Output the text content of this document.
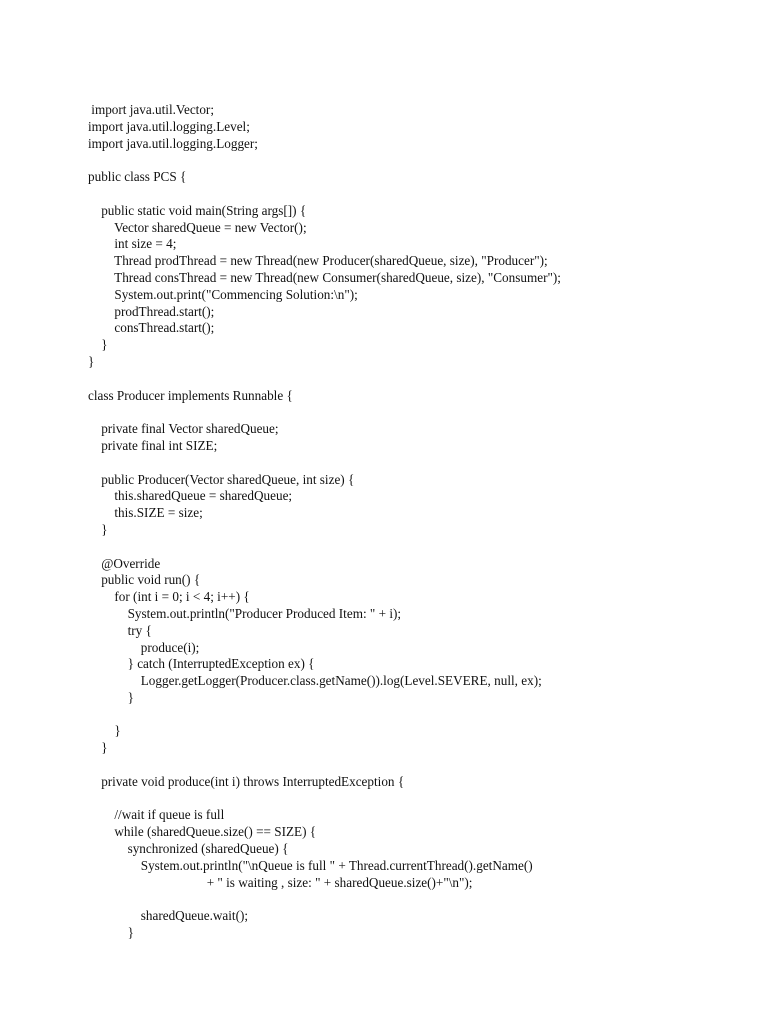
import java.util.Vector;
import java.util.logging.Level;
import java.util.logging.Logger;
public class PCS {
public static void main(String args[]) {
Vector sharedQueue = new Vector();
int size = 4;
Thread prodThread = new Thread(new Producer(sharedQueue, size), "Producer");
Thread consThread = new Thread(new Consumer(sharedQueue, size), "Consumer");
System.out.print("Commencing Solution:\n");
prodThread.start();
consThread.start();
}
}
class Producer implements Runnable {
private final Vector sharedQueue;
private final int SIZE;
public Producer(Vector sharedQueue, int size) {
this.sharedQueue = sharedQueue;
this.SIZE = size;
}
@Override
public void run() {
for (int i = 0; i < 4; i++) {
System.out.println("Producer Produced Item: " + i);
try {
produce(i);
} catch (InterruptedException ex) {
Logger.getLogger(Producer.class.getName()).log(Level.SEVERE, null, ex);
}
}
}
private void produce(int i) throws InterruptedException {
//wait if queue is full
while (sharedQueue.size() == SIZE) {
synchronized (sharedQueue) {
System.out.println("\nQueue is full " + Thread.currentThread().getName()
+ " is waiting , size: " + sharedQueue.size()+"\n");
sharedQueue.wait();
}
